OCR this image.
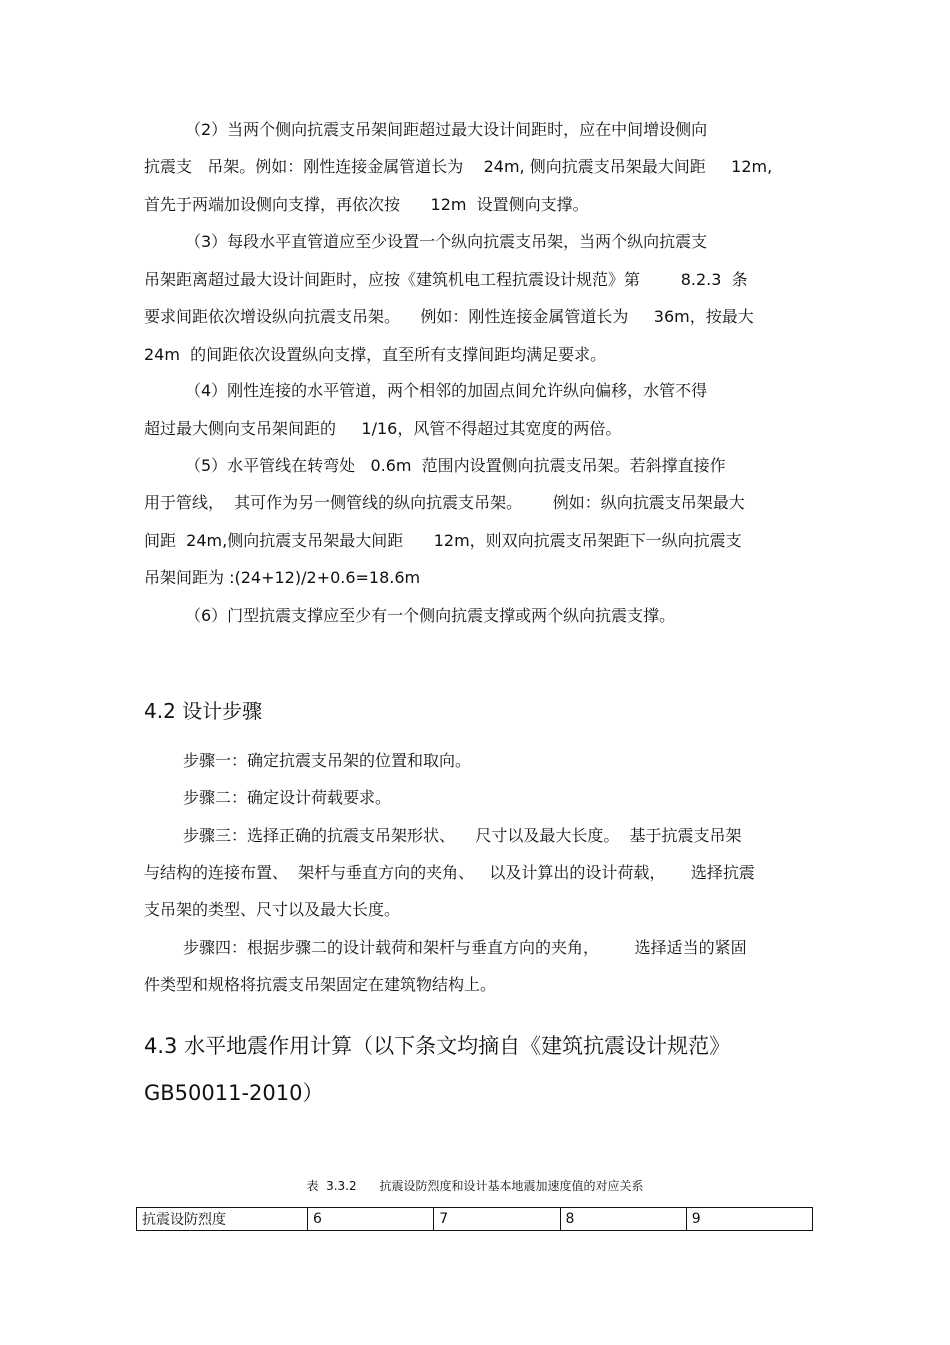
（2）当两个侧向抗震支吊架间距超过最大设计间距时，应在中间增设侧向
抗震支   吊架。例如：刚性连接金属管道长为    24m, 侧向抗震支吊架最大间距     12m,
首先于两端加设侧向支撑，再依次按      12m  设置侧向支撑。
（3）每段水平直管道应至少设置一个纵向抗震支吊架，当两个纵向抗震支
吊架距离超过最大设计间距时，应按《建筑机电工程抗震设计规范》第        8.2.3  条
要求间距依次增设纵向抗震支吊架。    例如：刚性连接金属管道长为     36m，按最大
24m  的间距依次设置纵向支撑，直至所有支撑间距均满足要求。
（4）刚性连接的水平管道，两个相邻的加固点间允许纵向偏移，水管不得
超过最大侧向支吊架间距的     1/16，风管不得超过其宽度的两倍。
（5）水平管线在转弯处   0.6m  范围内设置侧向抗震支吊架。若斜撑直接作
用于管线，  其可作为另一侧管线的纵向抗震支吊架。      例如：纵向抗震支吊架最大
间距  24m,侧向抗震支吊架最大间距      12m，则双向抗震支吊架距下一纵向抗震支
吊架间距为 :(24+12)/2+0.6=18.6m
（6）门型抗震支撑应至少有一个侧向抗震支撑或两个纵向抗震支撑。
4.2 设计步骤
步骤一：确定抗震支吊架的位置和取向。
步骤二：确定设计荷载要求。
步骤三：选择正确的抗震支吊架形状、    尺寸以及最大长度。  基于抗震支吊架
与结构的连接布置、  架杆与垂直方向的夹角、   以及计算出的设计荷载，     选择抗震
支吊架的类型、尺寸以及最大长度。
步骤四：根据步骤二的设计载荷和架杆与垂直方向的夹角，       选择适当的紧固
件类型和规格将抗震支吊架固定在建筑物结构上。
4.3 水平地震作用计算（以下条文均摘自《建筑抗震设计规范》
GB50011-2010）
表  3.3.2      抗震设防烈度和设计基本地震加速度值的对应关系
抗震设防烈度	6	7	8	9
